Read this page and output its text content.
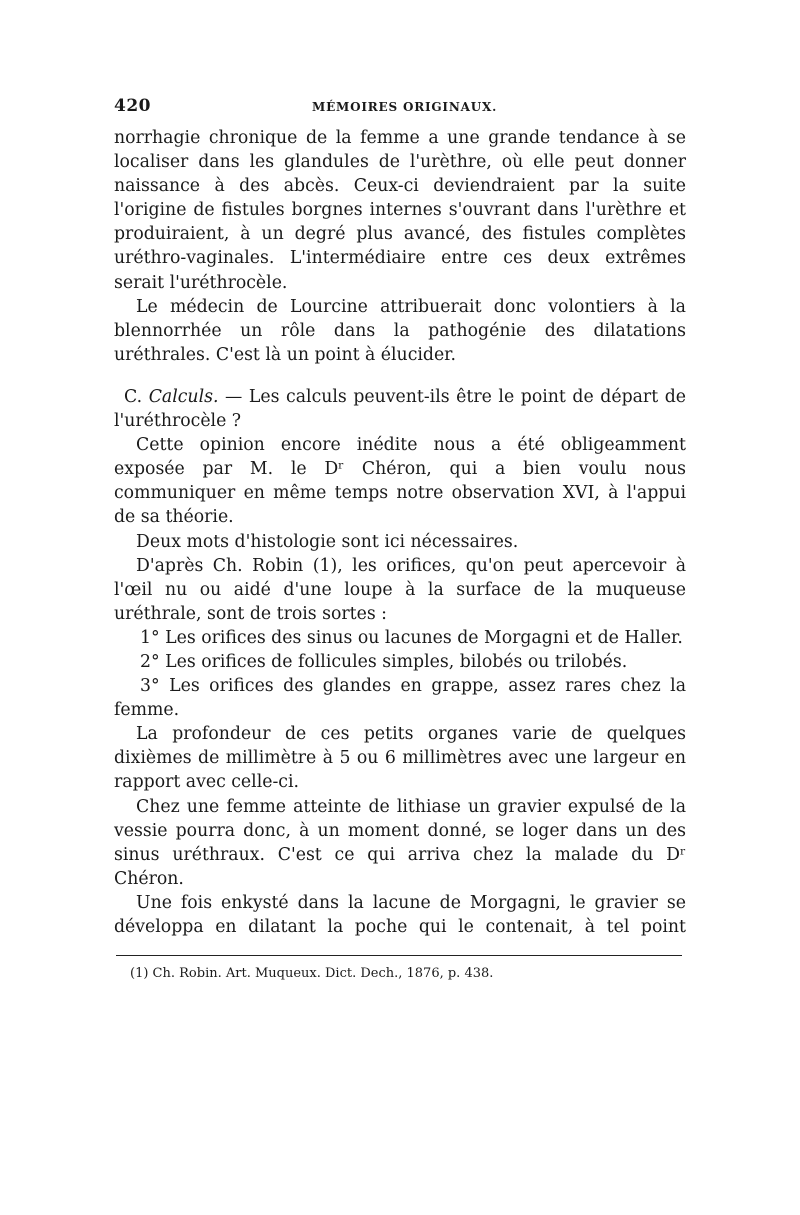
420	MÉMOIRES ORIGINAUX.

norrhagie chronique de la femme a une grande tendance à se localiser dans les glandules de l'urèthre, où elle peut donner naissance à des abcès. Ceux-ci deviendraient par la suite l'origine de fistules borgnes internes s'ouvrant dans l'urèthre et produiraient, à un degré plus avancé, des fistules complètes uréthro-vaginales. L'intermédiaire entre ces deux extrêmes serait l'uréthrocèle.

Le médecin de Lourcine attribuerait donc volontiers à la blennorrhée un rôle dans la pathogénie des dilatations uréthrales. C'est là un point à élucider.

C. Calculs. — Les calculs peuvent-ils être le point de départ de l'uréthrocèle ?

Cette opinion encore inédite nous a été obligeamment exposée par M. le Dʳ Chéron, qui a bien voulu nous communiquer en même temps notre observation XVI, à l'appui de sa théorie.

Deux mots d'histologie sont ici nécessaires.

D'après Ch. Robin (1), les orifices, qu'on peut apercevoir à l'œil nu ou aidé d'une loupe à la surface de la muqueuse uréthrale, sont de trois sortes :

1° Les orifices des sinus ou lacunes de Morgagni et de Haller.

2° Les orifices de follicules simples, bilobés ou trilobés.

3° Les orifices des glandes en grappe, assez rares chez la femme.

La profondeur de ces petits organes varie de quelques dixièmes de millimètre à 5 ou 6 millimètres avec une largeur en rapport avec celle-ci.

Chez une femme atteinte de lithiase un gravier expulsé de la vessie pourra donc, à un moment donné, se loger dans un des sinus uréthraux. C'est ce qui arriva chez la malade du Dʳ Chéron.

Une fois enkysté dans la lacune de Morgagni, le gravier se développa en dilatant la poche qui le contenait, à tel point

(1) Ch. Robin. Art. Muqueux. Dict. Dech., 1876, p. 438.
